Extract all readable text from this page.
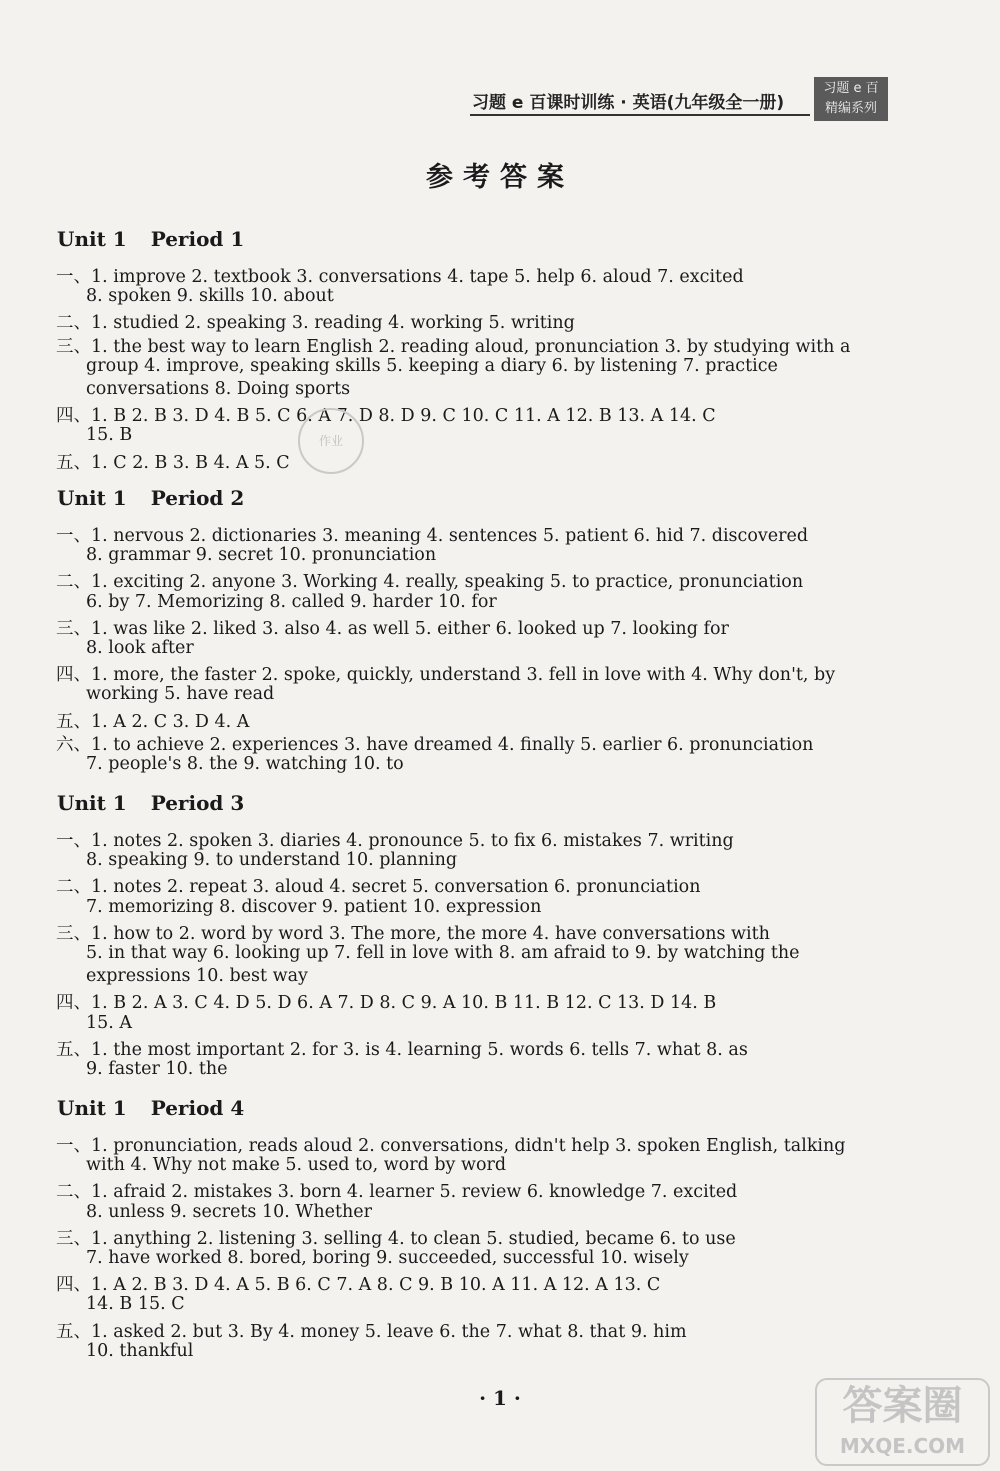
习题 e 百课时训练 · 英语(九年级全一册)
习题 e 百
精编系列
参考答案
Unit 1 Period 1
一、1. improve 2. textbook 3. conversations 4. tape 5. help 6. aloud 7. excited
8. spoken 9. skills 10. about
二、1. studied 2. speaking 3. reading 4. working 5. writing
三、1. the best way to learn English 2. reading aloud, pronunciation 3. by studying with a
group 4. improve, speaking skills 5. keeping a diary 6. by listening 7. practice
conversations 8. Doing sports
四、1. B 2. B 3. D 4. B 5. C 6. A 7. D 8. D 9. C 10. C 11. A 12. B 13. A 14. C
15. B
五、1. C 2. B 3. B 4. A 5. C
Unit 1 Period 2
一、1. nervous 2. dictionaries 3. meaning 4. sentences 5. patient 6. hid 7. discovered
8. grammar 9. secret 10. pronunciation
二、1. exciting 2. anyone 3. Working 4. really, speaking 5. to practice, pronunciation
6. by 7. Memorizing 8. called 9. harder 10. for
三、1. was like 2. liked 3. also 4. as well 5. either 6. looked up 7. looking for
8. look after
四、1. more, the faster 2. spoke, quickly, understand 3. fell in love with 4. Why don't, by
working 5. have read
五、1. A 2. C 3. D 4. A
六、1. to achieve 2. experiences 3. have dreamed 4. finally 5. earlier 6. pronunciation
7. people's 8. the 9. watching 10. to
Unit 1 Period 3
一、1. notes 2. spoken 3. diaries 4. pronounce 5. to fix 6. mistakes 7. writing
8. speaking 9. to understand 10. planning
二、1. notes 2. repeat 3. aloud 4. secret 5. conversation 6. pronunciation
7. memorizing 8. discover 9. patient 10. expression
三、1. how to 2. word by word 3. The more, the more 4. have conversations with
5. in that way 6. looking up 7. fell in love with 8. am afraid to 9. by watching the
expressions 10. best way
四、1. B 2. A 3. C 4. D 5. D 6. A 7. D 8. C 9. A 10. B 11. B 12. C 13. D 14. B
15. A
五、1. the most important 2. for 3. is 4. learning 5. words 6. tells 7. what 8. as
9. faster 10. the
Unit 1 Period 4
一、1. pronunciation, reads aloud 2. conversations, didn't help 3. spoken English, talking
with 4. Why not make 5. used to, word by word
二、1. afraid 2. mistakes 3. born 4. learner 5. review 6. knowledge 7. excited
8. unless 9. secrets 10. Whether
三、1. anything 2. listening 3. selling 4. to clean 5. studied, became 6. to use
7. have worked 8. bored, boring 9. succeeded, successful 10. wisely
四、1. A 2. B 3. D 4. A 5. B 6. C 7. A 8. C 9. B 10. A 11. A 12. A 13. C
14. B 15. C
五、1. asked 2. but 3. By 4. money 5. leave 6. the 7. what 8. that 9. him
10. thankful
作业
· 1 ·	答案圈
MXQE.COM
